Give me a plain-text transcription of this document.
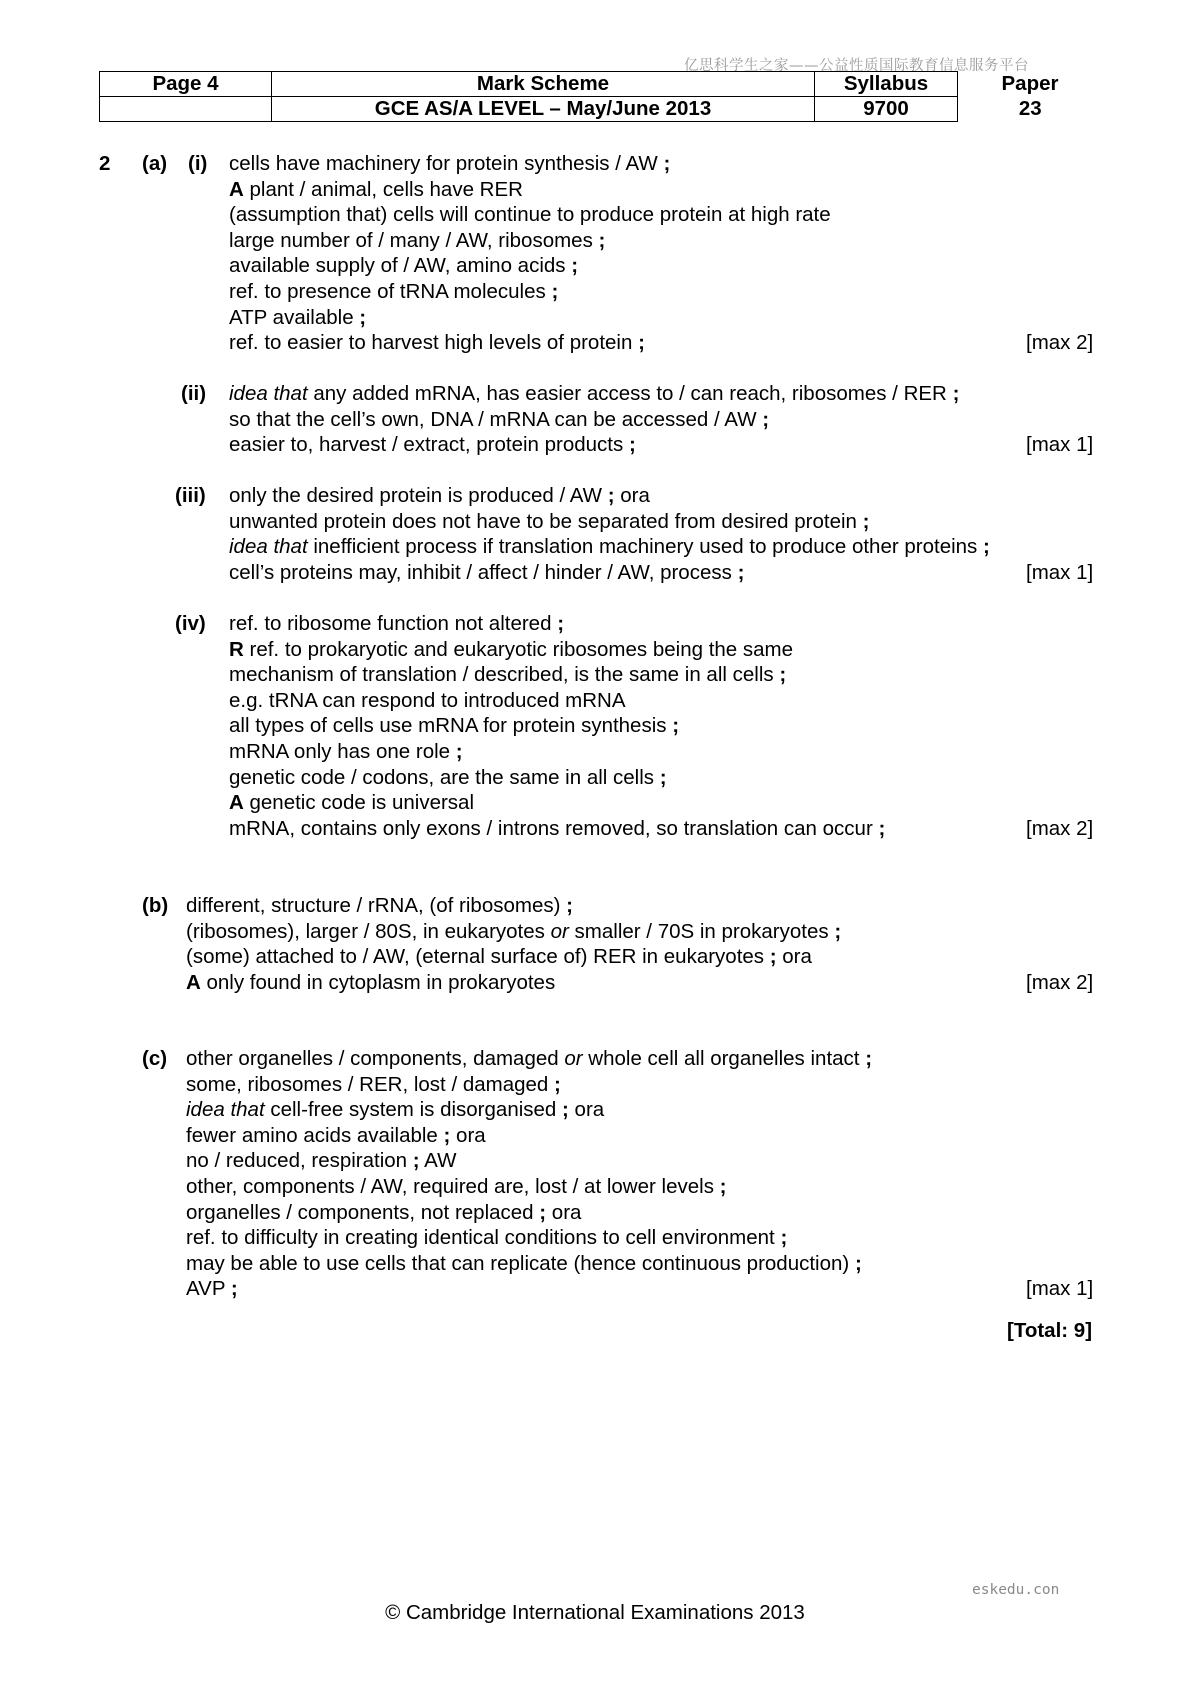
亿思科学生之家——公益性质国际教育信息服务平台
Page 4	Mark Scheme	Syllabus	Paper
	GCE AS/A LEVEL – May/June 2013	9700	23
2 (a) (i) cells have machinery for protein synthesis / AW ;
A plant / animal, cells have RER
(assumption that) cells will continue to produce protein at high rate
large number of / many / AW, ribosomes ;
available supply of / AW, amino acids ;
ref. to presence of tRNA molecules ;
ATP available ;
ref. to easier to harvest high levels of protein ;	[max 2]
(ii) idea that any added mRNA, has easier access to / can reach, ribosomes / RER ;
so that the cell’s own, DNA / mRNA can be accessed / AW ;
easier to, harvest / extract, protein products ;	[max 1]
(iii) only the desired protein is produced / AW ; ora
unwanted protein does not have to be separated from desired protein ;
idea that inefficient process if translation machinery used to produce other proteins ;
cell’s proteins may, inhibit / affect / hinder / AW, process ;	[max 1]
(iv) ref. to ribosome function not altered ;
R ref. to prokaryotic and eukaryotic ribosomes being the same
mechanism of translation / described, is the same in all cells ;
e.g. tRNA can respond to introduced mRNA
all types of cells use mRNA for protein synthesis ;
mRNA only has one role ;
genetic code / codons, are the same in all cells ;
A genetic code is universal
mRNA, contains only exons / introns removed, so translation can occur ;	[max 2]
(b) different, structure / rRNA, (of ribosomes) ;
(ribosomes), larger / 80S, in eukaryotes or smaller / 70S in prokaryotes ;
(some) attached to / AW, (eternal surface of) RER in eukaryotes ; ora
A only found in cytoplasm in prokaryotes	[max 2]
(c) other organelles / components, damaged or whole cell all organelles intact ;
some, ribosomes / RER, lost / damaged ;
idea that cell-free system is disorganised ; ora
fewer amino acids available ; ora
no / reduced, respiration ; AW
other, components / AW, required are, lost / at lower levels ;
organelles / components, not replaced ; ora
ref. to difficulty in creating identical conditions to cell environment ;
may be able to use cells that can replicate (hence continuous production) ;
AVP ;	[max 1]
[Total: 9]
eskedu.con
© Cambridge International Examinations 2013
